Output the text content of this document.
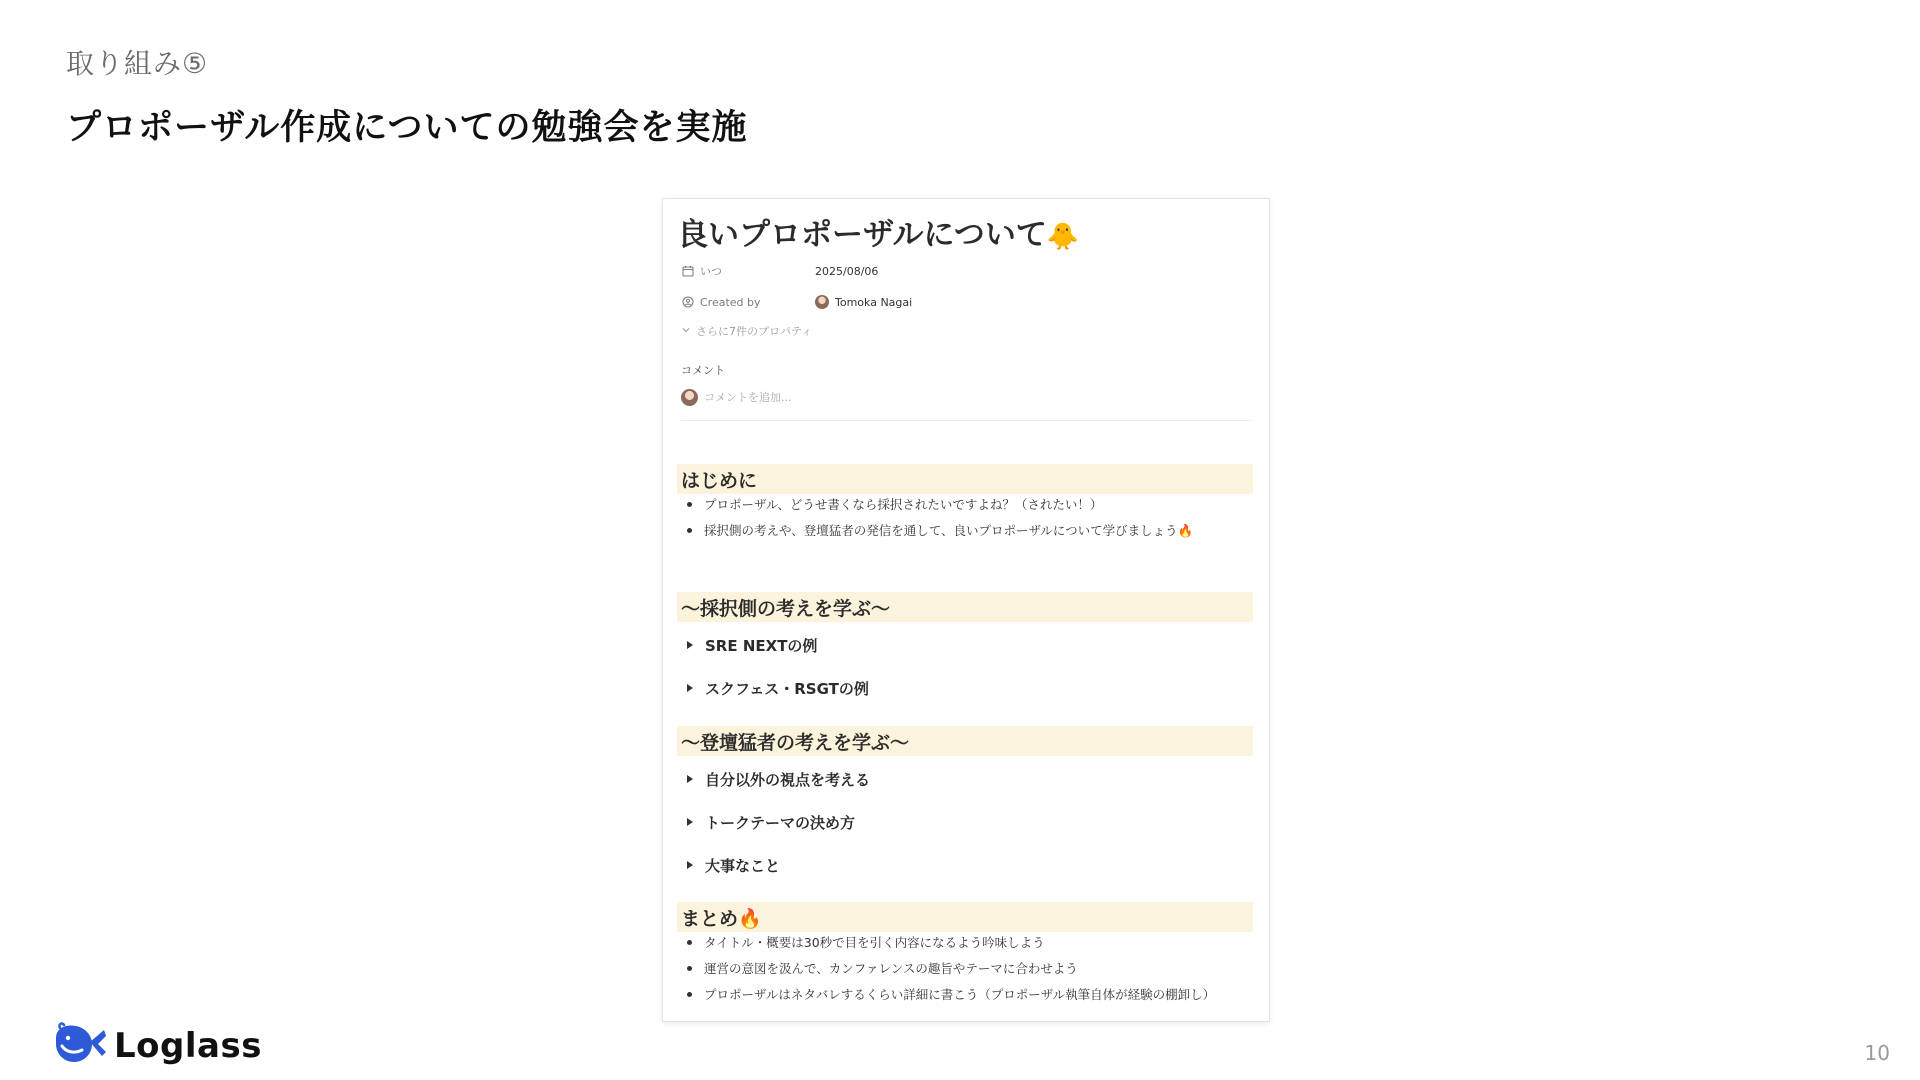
取り組み⑤
プロポーザル作成についての勉強会を実施
良いプロポーザルについて🐥
いつ	2025/08/06
Created by	Tomoka Nagai
さらに7件のプロパティ
コメント
コメントを追加...
はじめに
プロポーザル、どうせ書くなら採択されたいですよね？（されたい！）
採択側の考えや、登壇猛者の発信を通して、良いプロポーザルについて学びましょう🔥
〜採択側の考えを学ぶ〜
SRE NEXTの例
スクフェス・RSGTの例
〜登壇猛者の考えを学ぶ〜
自分以外の視点を考える
トークテーマの決め方
大事なこと
まとめ🔥
タイトル・概要は30秒で目を引く内容になるよう吟味しよう
運営の意図を汲んで、カンファレンスの趣旨やテーマに合わせよう
プロポーザルはネタバレするくらい詳細に書こう（プロポーザル執筆自体が経験の棚卸し）
Loglass	10
